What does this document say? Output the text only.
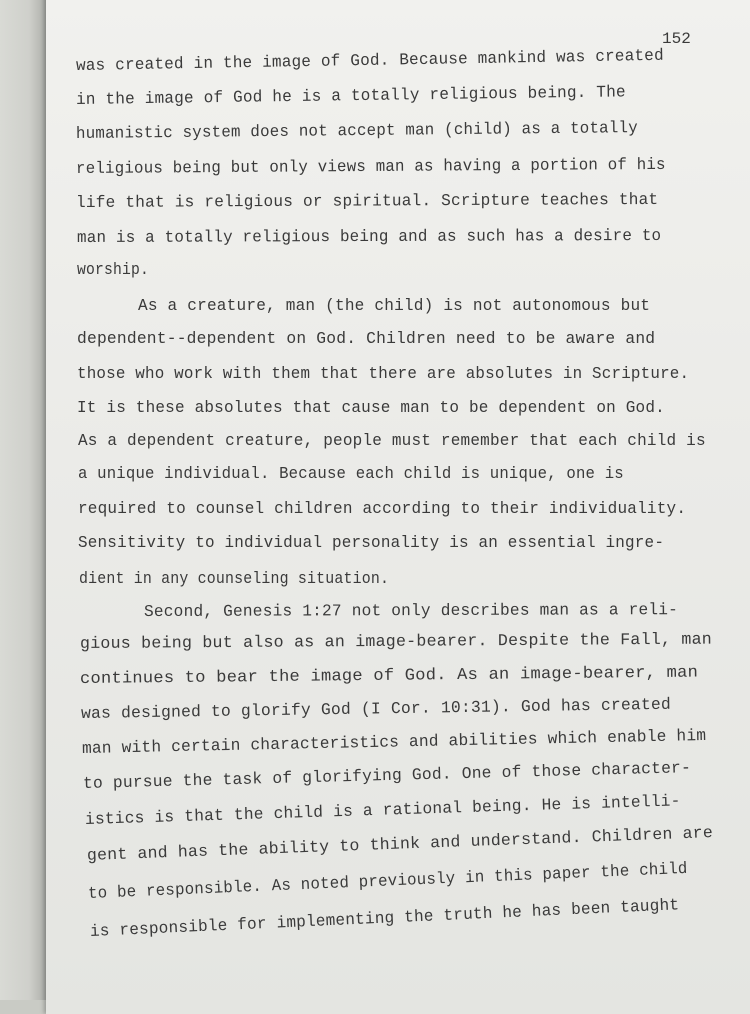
152
was created in the image of God. Because mankind was created
in the image of God he is a totally religious being. The
humanistic system does not accept man (child) as a totally
religious being but only views man as having a portion of his
life that is religious or spiritual. Scripture teaches that
man is a totally religious being and as such has a desire to
worship.
As a creature, man (the child) is not autonomous but
dependent--dependent on God. Children need to be aware and
those who work with them that there are absolutes in Scripture.
It is these absolutes that cause man to be dependent on God.
As a dependent creature, people must remember that each child is
a unique individual. Because each child is unique, one is
required to counsel children according to their individuality.
Sensitivity to individual personality is an essential ingre-
dient in any counseling situation.
Second, Genesis 1:27 not only describes man as a reli-
gious being but also as an image-bearer. Despite the Fall, man
continues to bear the image of God. As an image-bearer, man
was designed to glorify God (I Cor. 10:31). God has created
man with certain characteristics and abilities which enable him
to pursue the task of glorifying God. One of those character-
istics is that the child is a rational being. He is intelli-
gent and has the ability to think and understand. Children are
to be responsible. As noted previously in this paper the child
is responsible for implementing the truth he has been taught
